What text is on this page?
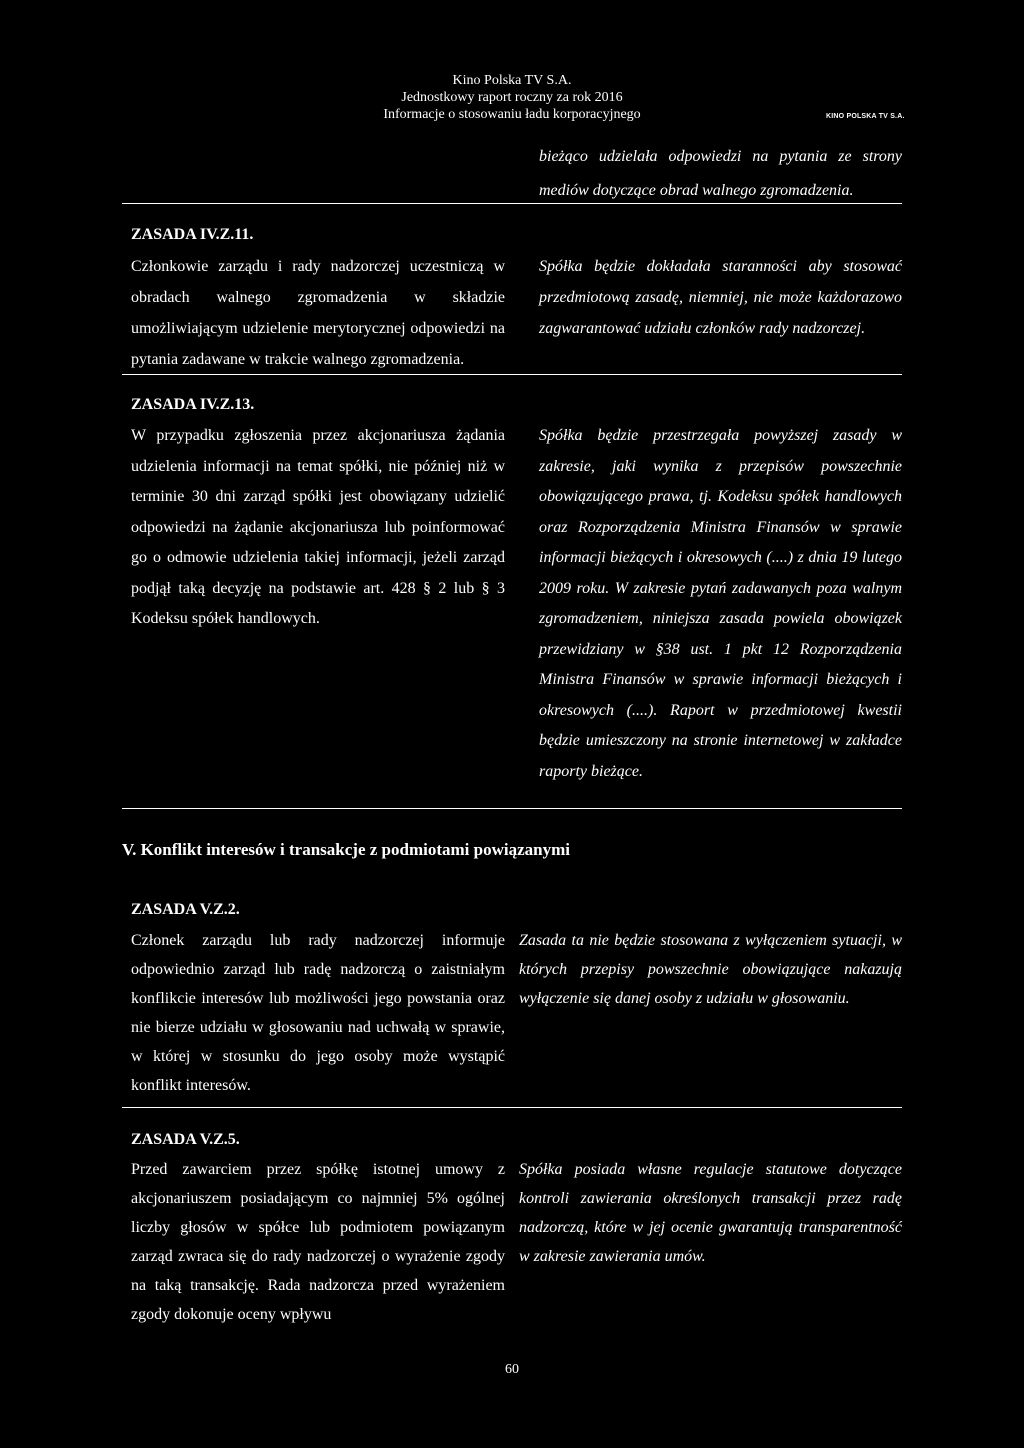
Kino Polska TV S.A.
Jednostkowy raport roczny za rok 2016
Informacje o stosowaniu ładu korporacyjnego	KINO POLSKA TV S.A.
bieżąco udzielała odpowiedzi na pytania ze strony mediów dotyczące obrad walnego zgromadzenia.
ZASADA IV.Z.11.
Członkowie zarządu i rady nadzorczej uczestniczą w obradach walnego zgromadzenia w składzie umożliwiającym udzielenie merytorycznej odpowiedzi na pytania zadawane w trakcie walnego zgromadzenia.
Spółka będzie dokładała staranności aby stosować przedmiotową zasadę, niemniej, nie może każdorazowo zagwarantować udziału członków rady nadzorczej.
ZASADA IV.Z.13.
W przypadku zgłoszenia przez akcjonariusza żądania udzielenia informacji na temat spółki, nie później niż w terminie 30 dni zarząd spółki jest obowiązany udzielić odpowiedzi na żądanie akcjonariusza lub poinformować go o odmowie udzielenia takiej informacji, jeżeli zarząd podjął taką decyzję na podstawie art. 428 § 2 lub § 3 Kodeksu spółek handlowych.
Spółka będzie przestrzegała powyższej zasady w zakresie, jaki wynika z przepisów powszechnie obowiązującego prawa, tj. Kodeksu spółek handlowych oraz Rozporządzenia Ministra Finansów w sprawie informacji bieżących i okresowych (....) z dnia 19 lutego 2009 roku. W zakresie pytań zadawanych poza walnym zgromadzeniem, niniejsza zasada powiela obowiązek przewidziany w §38 ust. 1 pkt 12 Rozporządzenia Ministra Finansów w sprawie informacji bieżących i okresowych (....). Raport w przedmiotowej kwestii będzie umieszczony na stronie internetowej w zakładce raporty bieżące.
V. Konflikt interesów i transakcje z podmiotami powiązanymi
ZASADA V.Z.2.
Członek zarządu lub rady nadzorczej informuje odpowiednio zarząd lub radę nadzorczą o zaistniałym konflikcie interesów lub możliwości jego powstania oraz nie bierze udziału w głosowaniu nad uchwałą w sprawie, w której w stosunku do jego osoby może wystąpić konflikt interesów.
Zasada ta nie będzie stosowana z wyłączeniem sytuacji, w których przepisy powszechnie obowiązujące nakazują wyłączenie się danej osoby z udziału w głosowaniu.
ZASADA V.Z.5.
Przed zawarciem przez spółkę istotnej umowy z akcjonariuszem posiadającym co najmniej 5% ogólnej liczby głosów w spółce lub podmiotem powiązanym zarząd zwraca się do rady nadzorczej o wyrażenie zgody na taką transakcję. Rada nadzorcza przed wyrażeniem zgody dokonuje oceny wpływu
Spółka posiada własne regulacje statutowe dotyczące kontroli zawierania określonych transakcji przez radę nadzorczą, które w jej ocenie gwarantują transparentność w zakresie zawierania umów.
60
